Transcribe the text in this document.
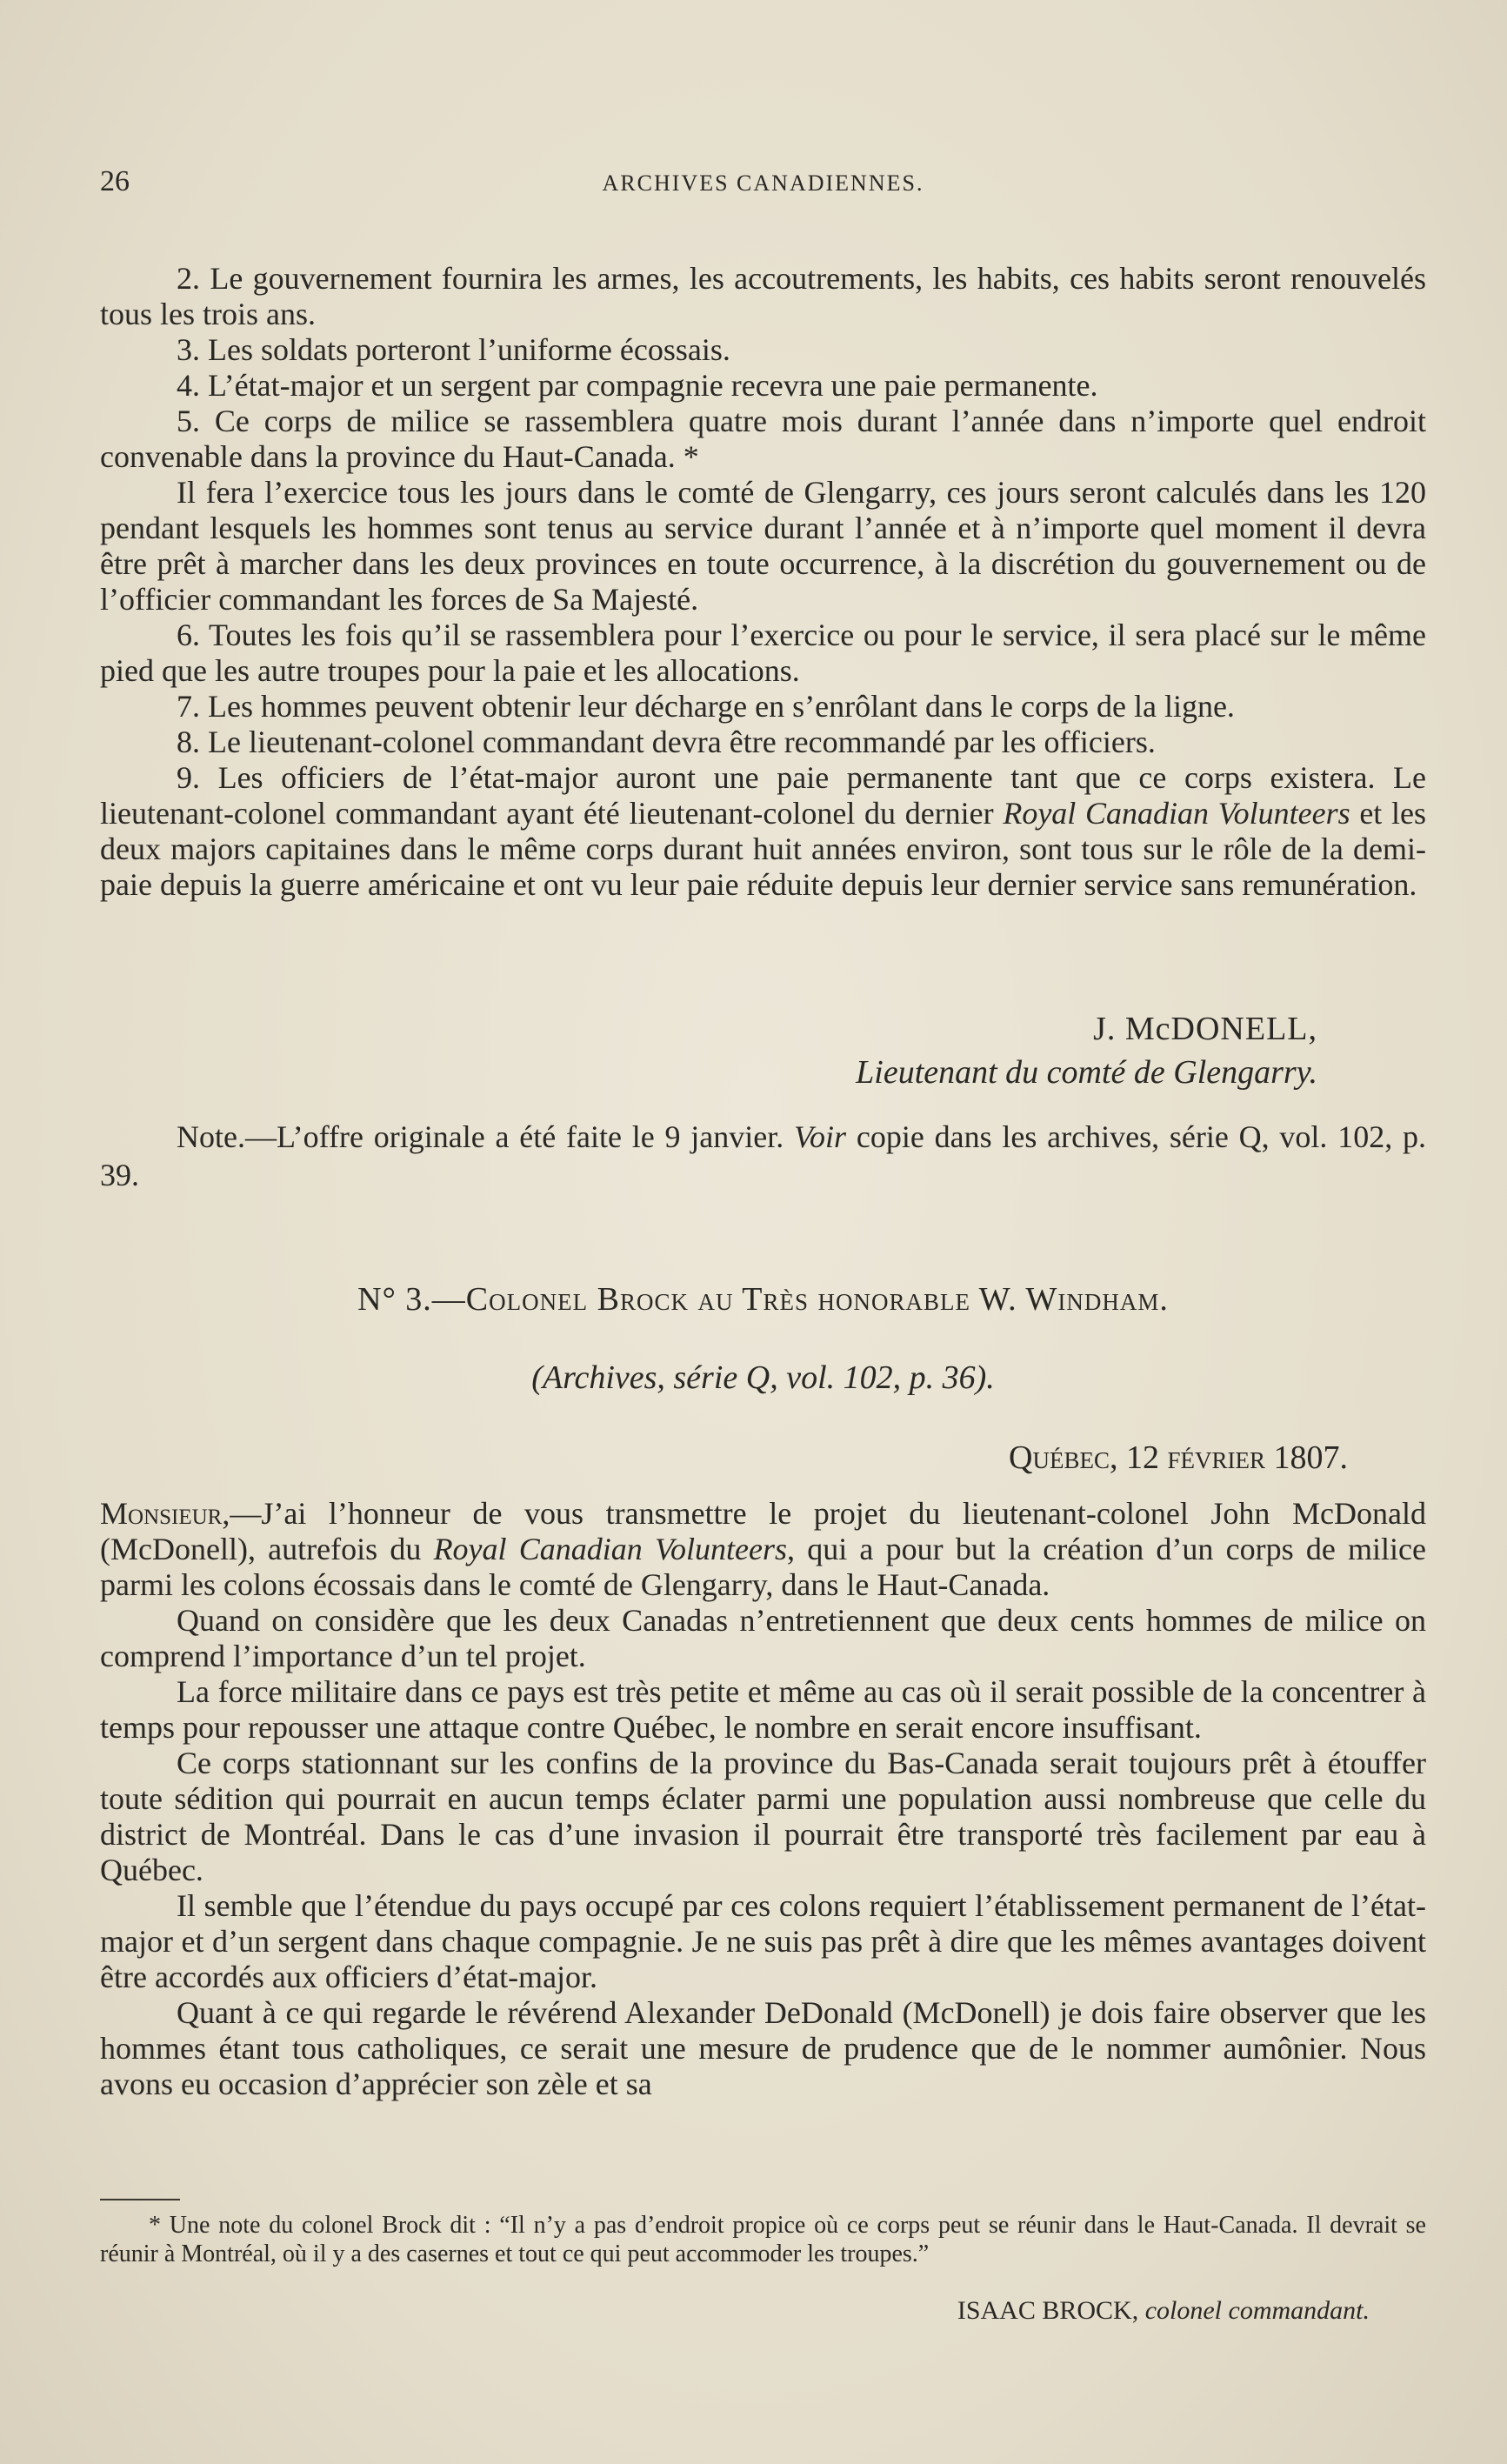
26	ARCHIVES CANADIENNES.

2. Le gouvernement fournira les armes, les accoutrements, les habits, ces habits seront renouvelés tous les trois ans.

3. Les soldats porteront l’uniforme écossais.

4. L’état-major et un sergent par compagnie recevra une paie permanente.

5. Ce corps de milice se rassemblera quatre mois durant l’année dans n’importe quel endroit convenable dans la province du Haut-Canada. *

Il fera l’exercice tous les jours dans le comté de Glengarry, ces jours seront calculés dans les 120 pendant lesquels les hommes sont tenus au service durant l’année et à n’importe quel moment il devra être prêt à marcher dans les deux provinces en toute occurrence, à la discrétion du gouvernement ou de l’officier commandant les forces de Sa Majesté.

6. Toutes les fois qu’il se rassemblera pour l’exercice ou pour le service, il sera placé sur le même pied que les autre troupes pour la paie et les allocations.

7. Les hommes peuvent obtenir leur décharge en s’enrôlant dans le corps de la ligne.

8. Le lieutenant-colonel commandant devra être recommandé par les officiers.

9. Les officiers de l’état-major auront une paie permanente tant que ce corps existera. Le lieutenant-colonel commandant ayant été lieutenant-colonel du dernier Royal Canadian Volunteers et les deux majors capitaines dans le même corps durant huit années environ, sont tous sur le rôle de la demi-paie depuis la guerre américaine et ont vu leur paie réduite depuis leur dernier service sans remunération.

J. McDONELL,
Lieutenant du comté de Glengarry.
Note.—L’offre originale a été faite le 9 janvier. Voir copie dans les archives, série Q, vol. 102, p. 39.
N° 3.—Colonel Brock au Très honorable W. Windham.
(Archives, série Q, vol. 102, p. 36).
Québec, 12 février 1807.

Monsieur,—J’ai l’honneur de vous transmettre le projet du lieutenant-colonel John McDonald (McDonell), autrefois du Royal Canadian Volunteers, qui a pour but la création d’un corps de milice parmi les colons écossais dans le comté de Glengarry, dans le Haut-Canada.

Quand on considère que les deux Canadas n’entretiennent que deux cents hommes de milice on comprend l’importance d’un tel projet.

La force militaire dans ce pays est très petite et même au cas où il serait possible de la concentrer à temps pour repousser une attaque contre Québec, le nombre en serait encore insuffisant.

Ce corps stationnant sur les confins de la province du Bas-Canada serait toujours prêt à étouffer toute sédition qui pourrait en aucun temps éclater parmi une population aussi nombreuse que celle du district de Montréal. Dans le cas d’une invasion il pourrait être transporté très facilement par eau à Québec.

Il semble que l’étendue du pays occupé par ces colons requiert l’établissement permanent de l’état-major et d’un sergent dans chaque compagnie. Je ne suis pas prêt à dire que les mêmes avantages doivent être accordés aux officiers d’état-major.

Quant à ce qui regarde le révérend Alexander DeDonald (McDonell) je dois faire observer que les hommes étant tous catholiques, ce serait une mesure de prudence que de le nommer aumônier. Nous avons eu occasion d’apprécier son zèle et sa

* Une note du colonel Brock dit : “Il n’y a pas d’endroit propice où ce corps peut se réunir dans le Haut-Canada. Il devrait se réunir à Montréal, où il y a des casernes et tout ce qui peut accommoder les troupes.”
ISAAC BROCK, colonel commandant.
